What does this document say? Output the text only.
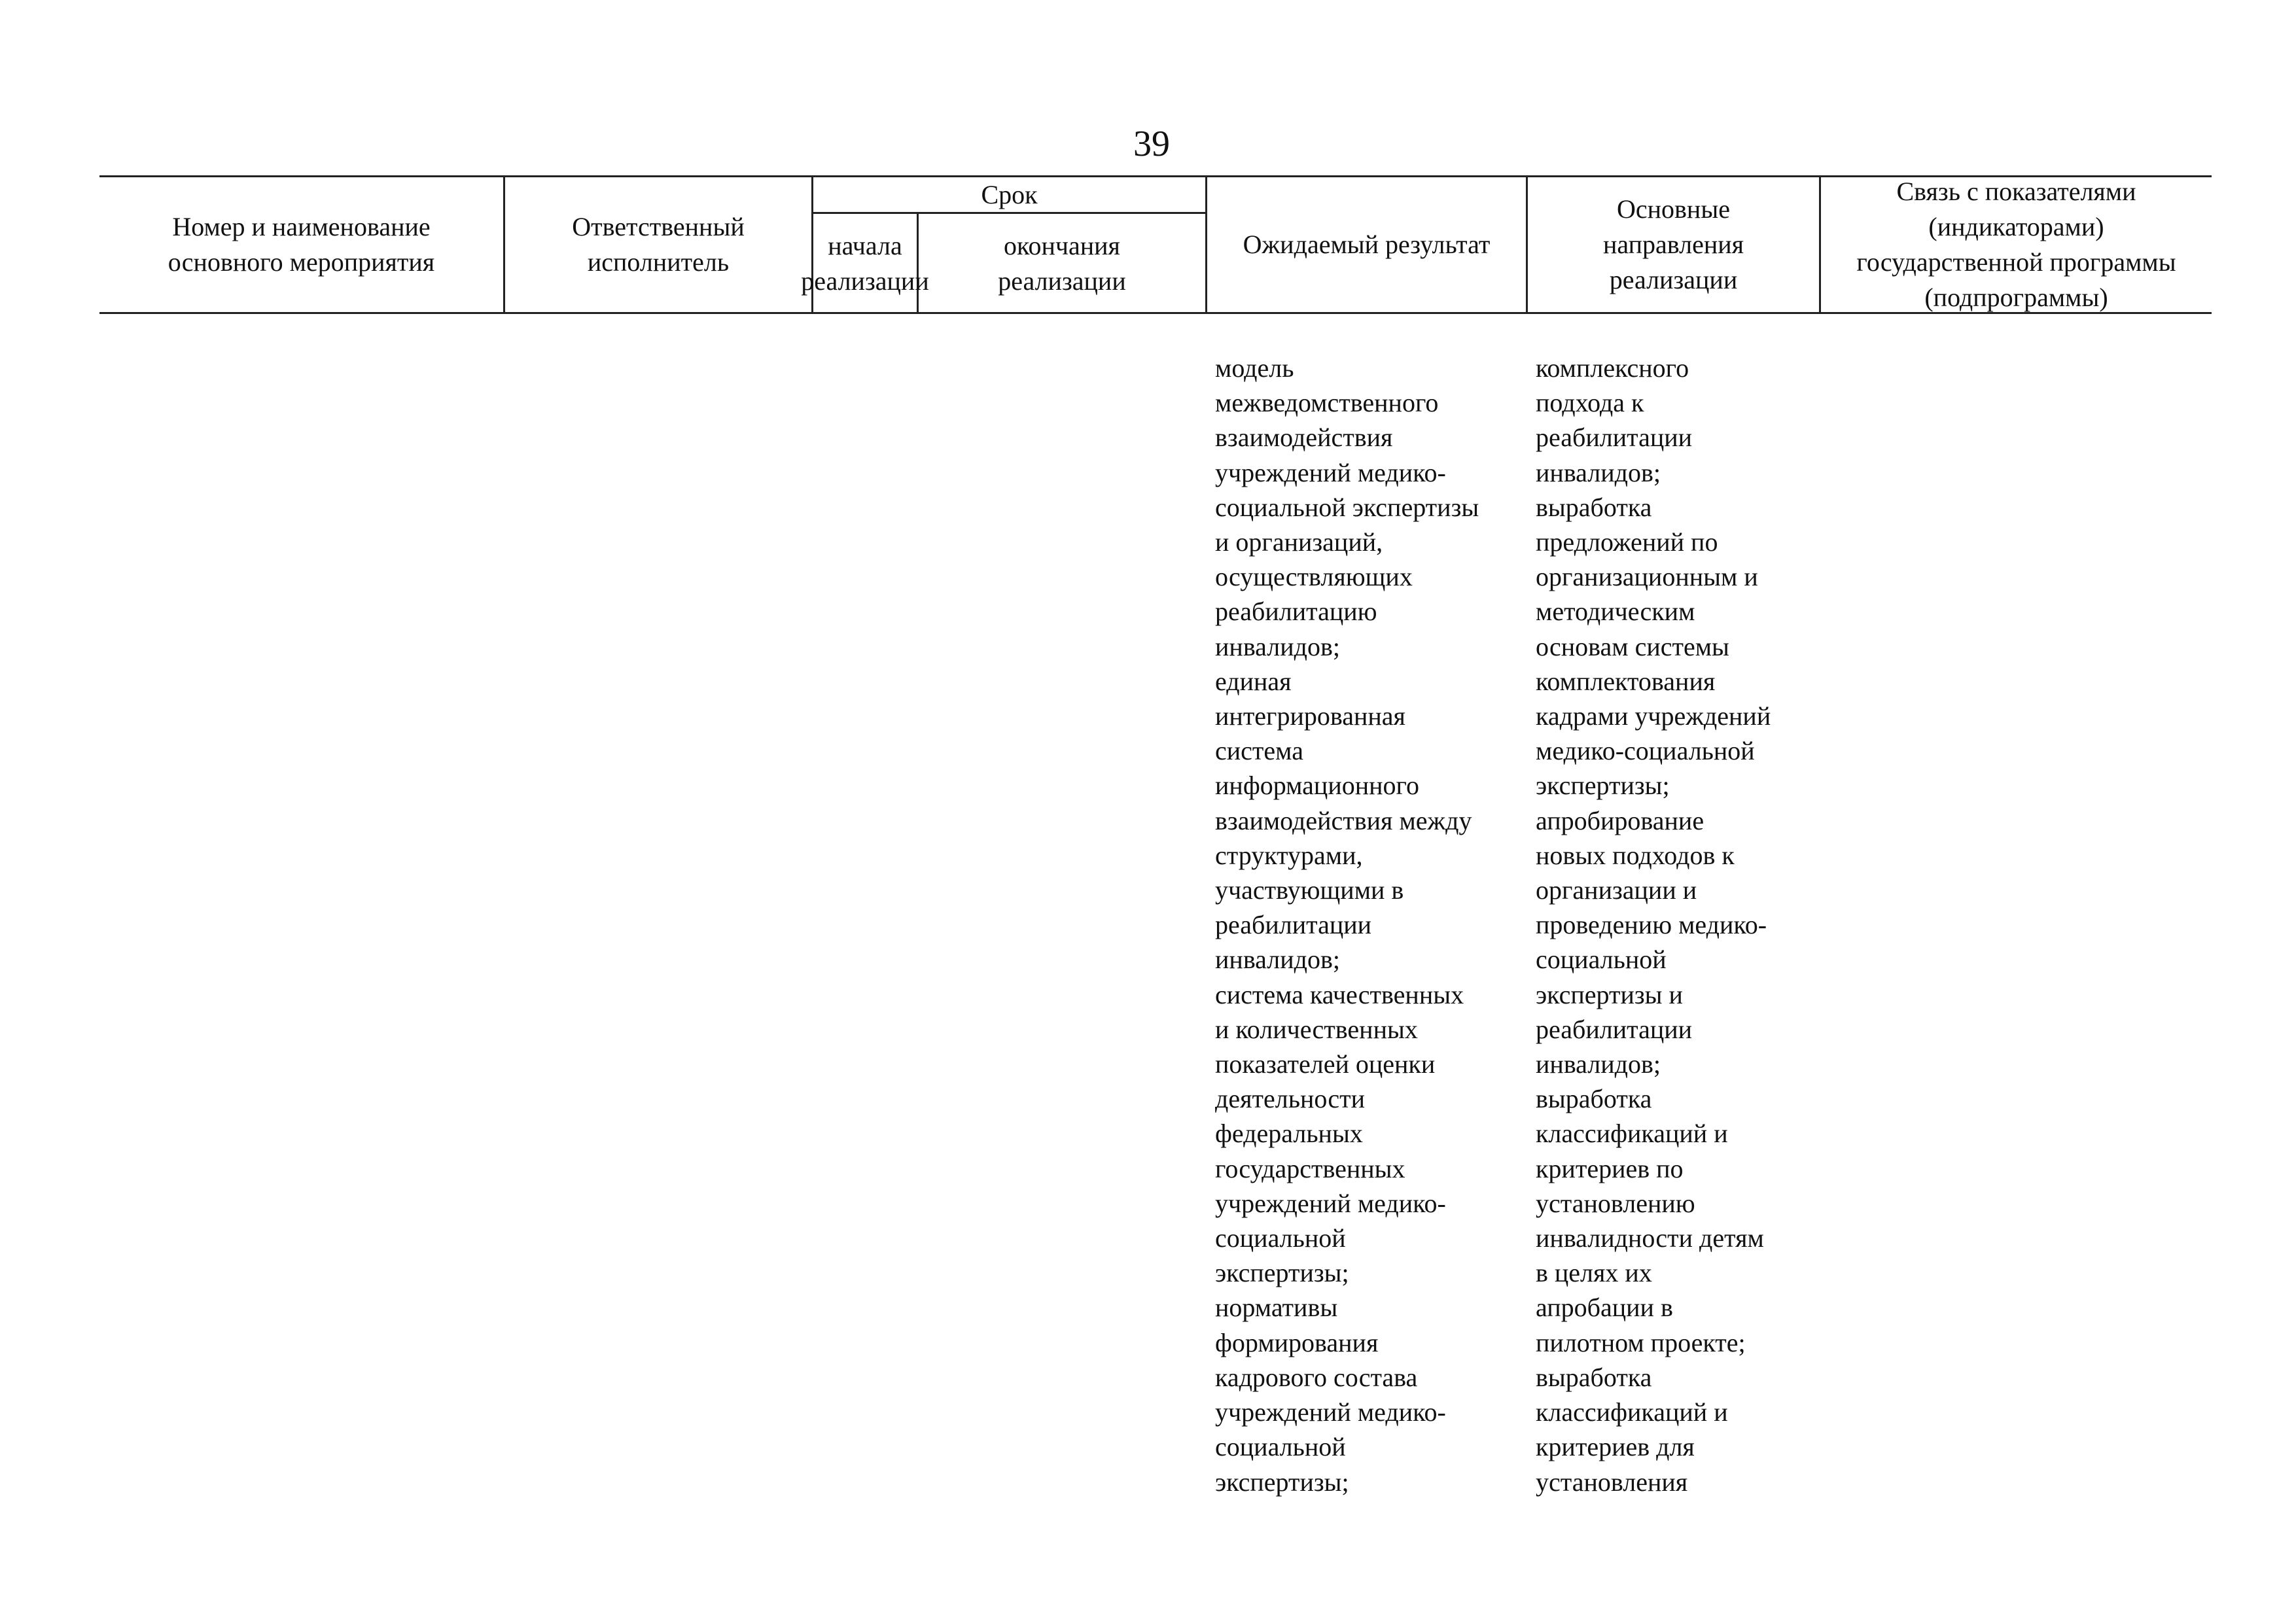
39
Номер и наименование
основного мероприятия
Ответственный
исполнитель
Срок
начала
реализации
окончания
реализации
Ожидаемый результат
Основные
направления
реализации
Связь с показателями
(индикаторами)
государственной программы
(подпрограммы)
модель
межведомственного
взаимодействия
учреждений медико-
социальной экспертизы
и организаций,
осуществляющих
реабилитацию
инвалидов;
единая
интегрированная
система
информационного
взаимодействия между
структурами,
участвующими в
реабилитации
инвалидов;
система качественных
и количественных
показателей оценки
деятельности
федеральных
государственных
учреждений медико-
социальной
экспертизы;
нормативы
формирования
кадрового состава
учреждений медико-
социальной
экспертизы;
комплексного
подхода к
реабилитации
инвалидов;
выработка
предложений по
организационным и
методическим
основам системы
комплектования
кадрами учреждений
медико-социальной
экспертизы;
апробирование
новых подходов к
организации и
проведению медико-
социальной
экспертизы и
реабилитации
инвалидов;
выработка
классификаций и
критериев по
установлению
инвалидности детям
в целях их
апробации в
пилотном проекте;
выработка
классификаций и
критериев для
установления
